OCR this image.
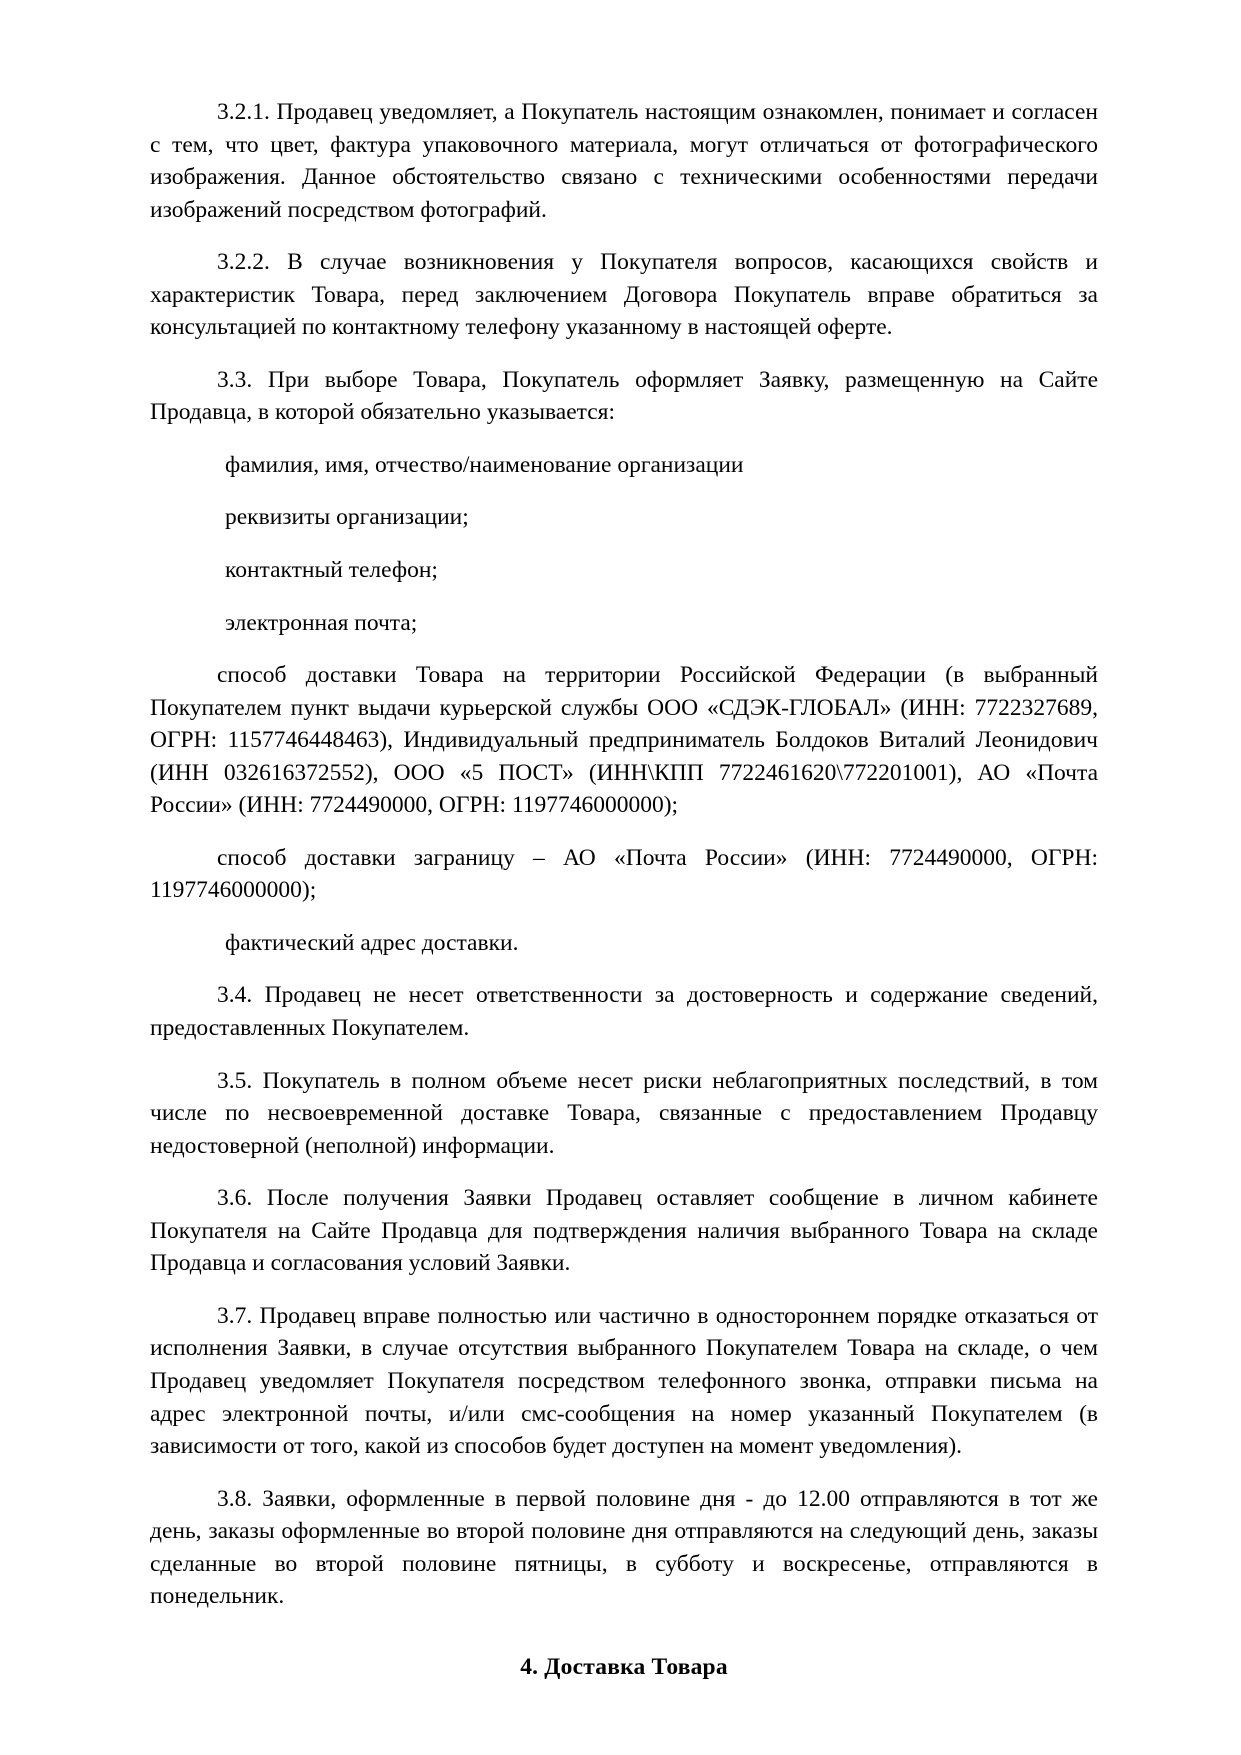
3.2.1. Продавец уведомляет, а Покупатель настоящим ознакомлен, понимает и согласен с тем, что цвет, фактура упаковочного материала, могут отличаться от фотографического изображения. Данное обстоятельство связано с техническими особенностями передачи изображений посредством фотографий.

3.2.2. В случае возникновения у Покупателя вопросов, касающихся свойств и характеристик Товара, перед заключением Договора Покупатель вправе обратиться за консультацией по контактному телефону указанному в настоящей оферте.

3.3. При выборе Товара, Покупатель оформляет Заявку, размещенную на Сайте Продавца, в которой обязательно указывается:

фамилия, имя, отчество/наименование организации

реквизиты организации;

контактный телефон;

электронная почта;

способ доставки Товара на территории Российской Федерации (в выбранный Покупателем пункт выдачи курьерской службы ООО «СДЭК-ГЛОБАЛ» (ИНН: 7722327689, ОГРН: 1157746448463), Индивидуальный предприниматель Болдоков Виталий Леонидович (ИНН 032616372552), ООО «5 ПОСТ» (ИНН\КПП 7722461620\772201001), АО «Почта России» (ИНН: 7724490000, ОГРН: 1197746000000);

способ доставки заграницу – АО «Почта России» (ИНН: 7724490000, ОГРН: 1197746000000);

фактический адрес доставки.

3.4. Продавец не несет ответственности за достоверность и содержание сведений, предоставленных Покупателем.

3.5. Покупатель в полном объеме несет риски неблагоприятных последствий, в том числе по несвоевременной доставке Товара, связанные с предоставлением Продавцу недостоверной (неполной) информации.

3.6. После получения Заявки Продавец оставляет сообщение в личном кабинете Покупателя на Сайте Продавца для подтверждения наличия выбранного Товара на складе Продавца и согласования условий Заявки.

3.7. Продавец вправе полностью или частично в одностороннем порядке отказаться от исполнения Заявки, в случае отсутствия выбранного Покупателем Товара на складе, о чем Продавец уведомляет Покупателя посредством телефонного звонка, отправки письма на адрес электронной почты, и/или смс-сообщения на номер указанный Покупателем (в зависимости от того, какой из способов будет доступен на момент уведомления).

3.8. Заявки, оформленные в первой половине дня - до 12.00 отправляются в тот же день, заказы оформленные во второй половине дня отправляются на следующий день, заказы сделанные во второй половине пятницы, в субботу и воскресенье, отправляются в понедельник.

4. Доставка Товара
